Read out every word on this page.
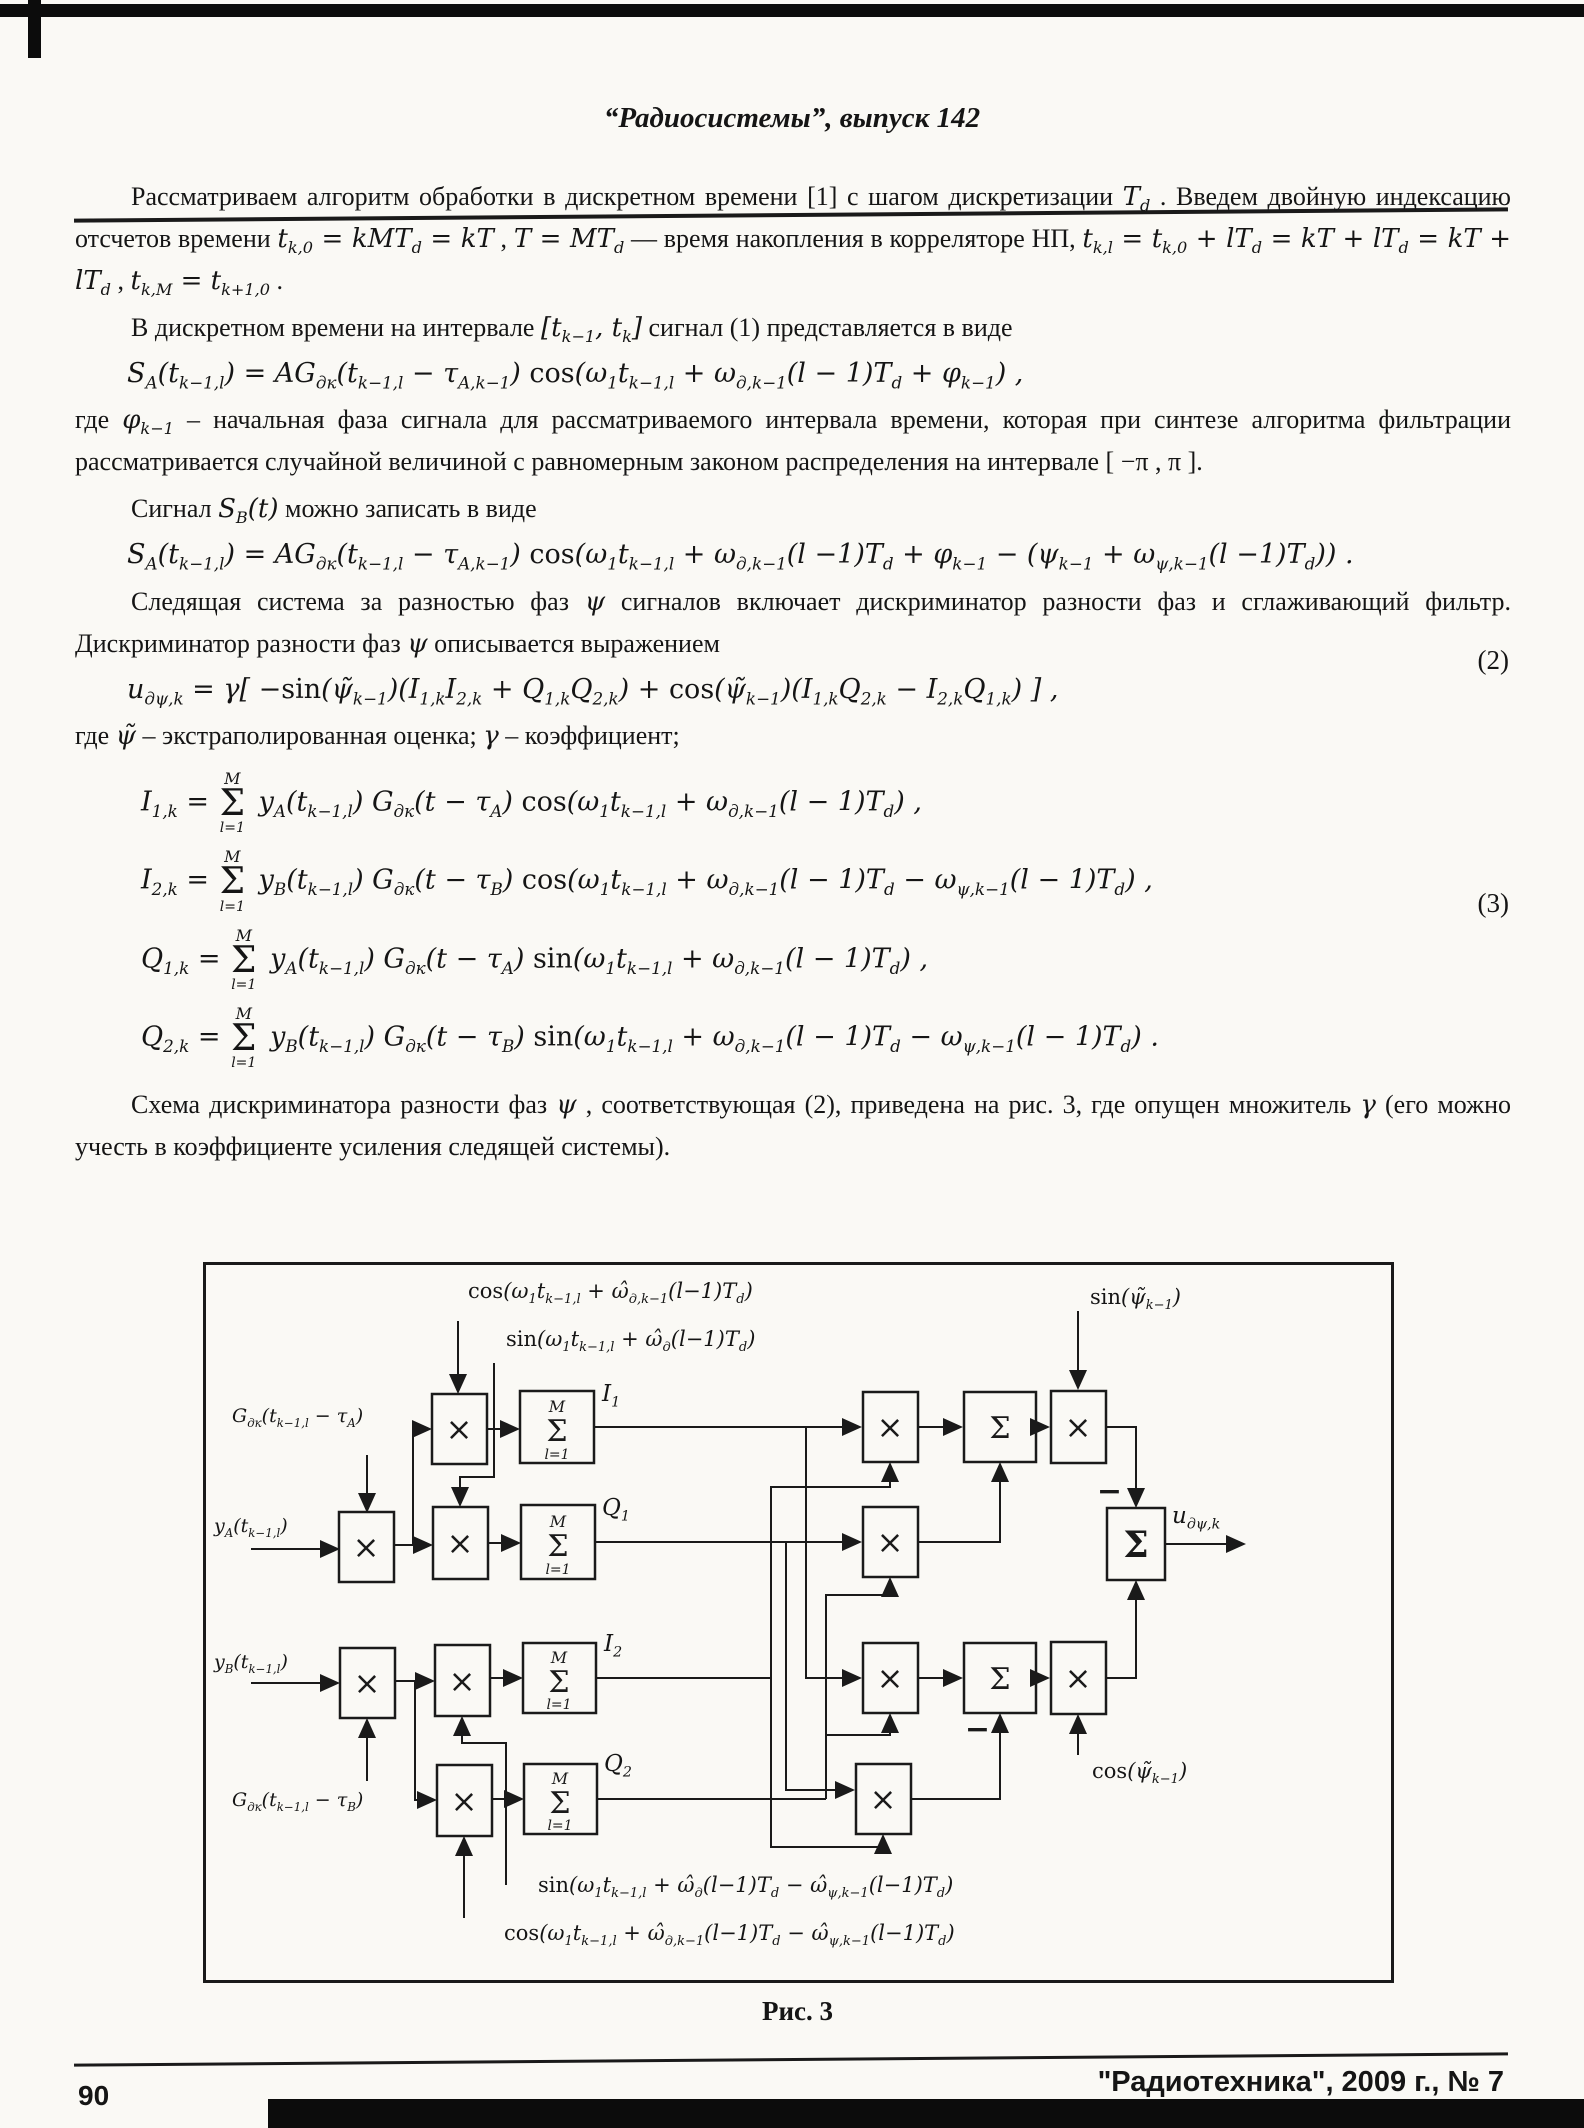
“Радиосистемы”, выпуск 142

Рассматриваем алгоритм обработки в дискретном времени [1] с шагом дискретизации $T_d$ . Введем двойную индексацию отсчетов времени $t_{k,0} = kMT_d$ = kT , $T = MT_d$ — время накопления в корреляторе НП, $t_{k,l} = t_{k,0} + lT_d$ = kT + $lT_d$ = kT + $lT_d$ , $t_{k,M} = t_{k+1,0}$ .

В дискретном времени на интервале [$t_{k-1}$, $t_k$] сигнал (1) представляется в виде

$S_A(t_{k-1,l}) = AG_{дк}(t_{k-1,l} - \tau_{A,k-1}) \cos(\omega_1t_{k-1,l} + \omega_{д,k-1}(l - 1)T_d + \varphi_{k-1})$ ,

где $\varphi_{k-1}$ – начальная фаза сигнала для рассматриваемого интервала времени, которая при синтезе алгоритма фильтрации рассматривается случайной величиной с равномерным законом распределения на интервале [ −π , π ].

Сигнал $S_B(t)$ можно записать в виде

$S_A(t_{k-1,l}) = AG_{дк}(t_{k-1,l} - \tau_{A,k-1}) \cos(\omega_1t_{k-1,l} + \omega_{д,k-1}(l -1)T_d + \varphi_{k-1} - (\psi_{k-1} + \omega_{\psi,k-1}(l -1)T_d))$ .

Следящая система за разностью фаз ψ сигналов включает дискриминатор разности фаз и сглаживающий фильтр. Дискриминатор разности фаз ψ описывается выражением

$u_{д\psi,k} = \gamma$[ $-\sin(\psĩ_{k-1})(I_{1,k}I_{2,k} + Q_{1,k}Q_{2,k})$ + $\cos(\psĩ_{k-1})(I_{1,k}Q_{2,k} - I_{2,k}Q_{1,k})$ ] ,
(2)

где ψ̃ – экстраполированная оценка; γ – коэффициент;

$I_{1,k}$ =
M
Σ
l=1
$y_A(t_{k-1,l}) G_{дк}(t - \tau_A) \cos(\omega_1t_{k-1,l} + \omega_{д,k-1}(l - 1)T_d)$ ,
$I_{2,k}$ =
M
Σ
l=1
$y_B(t_{k-1,l}) G_{дк}(t - \tau_B) \cos(\omega_1t_{k-1,l} + \omega_{д,k-1}(l - 1)T_d - \omega_{\psi,k-1}(l - 1)T_d)$ ,
$Q_{1,k}$ =
M
Σ
l=1
$y_A(t_{k-1,l}) G_{дк}(t - \tau_A) \sin(\omega_1t_{k-1,l} + \omega_{д,k-1}(l - 1)T_d)$ ,
$Q_{2,k}$ =
M
Σ
l=1
$y_B(t_{k-1,l}) G_{дк}(t - \tau_B) \sin(\omega_1t_{k-1,l} + \omega_{д,k-1}(l - 1)T_d - \omega_{\psi,k-1}(l - 1)T_d)$ .
(3)

Схема дискриминатора разности фаз ψ , соответствующая (2), приведена на рис. 3, где опущен множитель γ (его можно учесть в коэффициенте усиления следящей системы).

×
×
×
×
×
×
M
Σ
l=1
M
Σ
l=1
M
Σ
l=1
M
Σ
l=1
×
×
×
×
Σ
Σ
×
×
Σ
−
−
$\cos(\omega_1t_{k-1,l}$ + $\omegâ_{д,k-1}(l-1)T_d$)
$\sin(\omega_1t_{k-1,l}$ + $\omegâ_д(l-1)T_d$)
$G_{дк}(t_{k-1,l} - \tau_A)$
$y_A(t_{k-1,l})$
$y_B(t_{k-1,l})$
$G_{дк}(t_{k-1,l} - \tau_B)$
$\sin(\psĩ_{k-1})$
$\cos(\psĩ_{k-1})$
$I_1$
$Q_1$
$I_2$
$Q_2$
$u_{д\psi,k}$
$\sin(\omega_1t_{k-1,l}$ + $\omegâ_д(l-1)T_d$ − $\omegâ_{\psi,k-1}(l-1)T_d$)
$\cos(\omega_1t_{k-1,l}$ + $\omegâ_{д,k-1}(l-1)T_d$ − $\omegâ_{\psi,k-1}(l-1)T_d$)
Рис. 3
"Радиотехника", 2009 г., № 7
90
